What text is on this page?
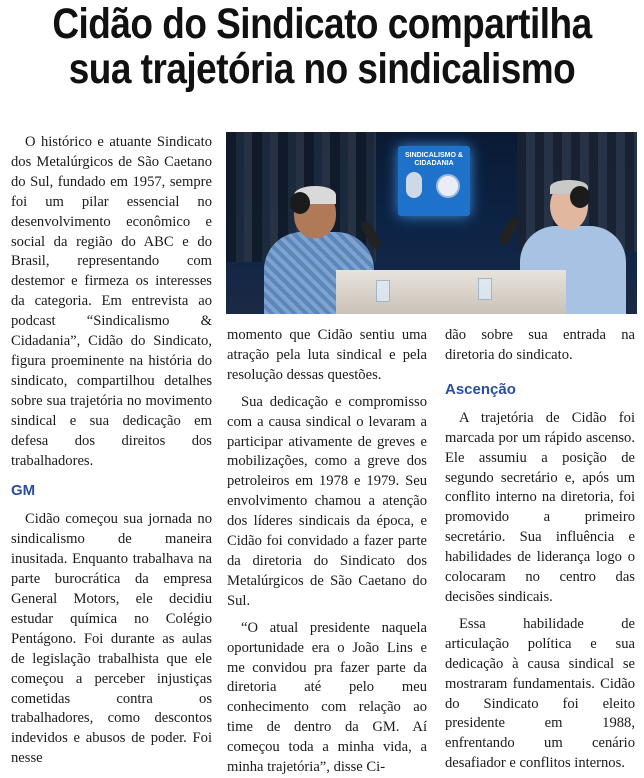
Cidão do Sindicato compartilha
sua trajetória no sindicalismo
SINDICALISMO & CIDADANIA

O histórico e atuante Sindicato dos Metalúrgicos de São Caetano do Sul, fundado em 1957, sempre foi um pilar essencial no desenvolvimento econômico e social da região do ABC e do Brasil, representando com destemor e firmeza os interesses da categoria. Em entrevista ao podcast “Sindicalismo & Cidadania”, Cidão do Sindicato, figura proeminente na história do sindicato, compartilhou detalhes sobre sua trajetória no movimento sindical e sua dedicação em defesa dos direitos dos trabalhadores.

GM

Cidão começou sua jornada no sindicalismo de maneira inusitada. Enquanto trabalhava na parte burocrática da empresa General Motors, ele decidiu estudar química no Colégio Pentágono. Foi durante as aulas de legislação trabalhista que ele começou a perceber injustiças cometidas contra os trabalhadores, como descontos indevidos e abusos de poder. Foi nesse

momento que Cidão sentiu uma atração pela luta sindical e pela resolução dessas questões.

Sua dedicação e compromisso com a causa sindical o levaram a participar ativamente de greves e mobilizações, como a greve dos petroleiros em 1978 e 1979. Seu envolvimento chamou a atenção dos líderes sindicais da época, e Cidão foi convidado a fazer parte da diretoria do Sindicato dos Metalúrgicos de São Caetano do Sul.

“O atual presidente naquela oportunidade era o João Lins e me convidou pra fazer parte da diretoria até pelo meu conhecimento com relação ao time de dentro da GM. Aí começou toda a minha vida, a minha trajetória”, disse Ci-

dão sobre sua entrada na diretoria do sindicato.

Ascenção

A trajetória de Cidão foi marcada por um rápido ascenso. Ele assumiu a posição de segundo secretário e, após um conflito interno na diretoria, foi promovido a primeiro secretário. Sua influência e habilidades de liderança logo o colocaram no centro das decisões sindicais.

Essa habilidade de articulação política e sua dedicação à causa sindical se mostraram fundamentais. Cidão do Sindicato foi eleito presidente em 1988, enfrentando um cenário desafiador e conflitos internos.
